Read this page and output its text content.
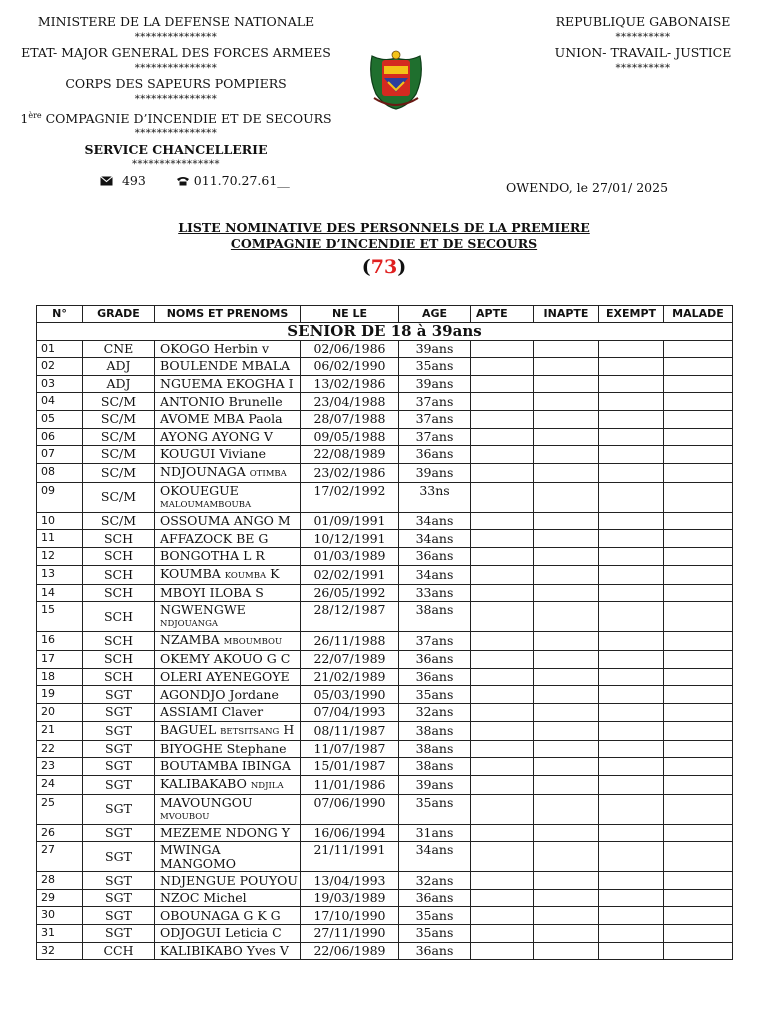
MINISTERE DE LA DEFENSE NATIONALE
***************
ETAT- MAJOR GENERAL DES FORCES ARMEES
***************
CORPS DES SAPEURS POMPIERS
***************
1ère COMPAGNIE D’INCENDIE ET DE SECOURS
***************
SERVICE CHANCELLERIE
****************
493	011.70.27.61__
REPUBLIQUE GABONAISE
**********
UNION- TRAVAIL- JUSTICE
**********
OWENDO, le 27/01/ 2025
LISTE NOMINATIVE DES PERSONNELS DE LA PREMIERE
COMPAGNIE D’INCENDIE ET DE SECOURS
(73)
N°	GRADE	NOMS ET PRENOMS	NE LE	AGE	APTE	INAPTE	EXEMPT	MALADE
SENIOR DE 18 à 39ans								
01	CNE	OKOGO Herbin v	02/06/1986	39ans				
02	ADJ	BOULENDE MBALA	06/02/1990	35ans				
03	ADJ	NGUEMA EKOGHA I	13/02/1986	39ans				
04	SC/M	ANTONIO Brunelle	23/04/1988	37ans				
05	SC/M	AVOME MBA Paola	28/07/1988	37ans				
06	SC/M	AYONG AYONG V	09/05/1988	37ans				
07	SC/M	KOUGUI Viviane	22/08/1989	36ans				
08	SC/M	NDJOUNAGA OTIMBA	23/02/1986	39ans				
09	SC/M	OKOUEGUE
MALOUMAMBOUBA	17/02/1992	33ns				
10	SC/M	OSSOUMA ANGO M	01/09/1991	34ans				
11	SCH	AFFAZOCK BE G	10/12/1991	34ans				
12	SCH	BONGOTHA L R	01/03/1989	36ans				
13	SCH	KOUMBA KOUMBA K	02/02/1991	34ans				
14	SCH	MBOYI ILOBA S	26/05/1992	33ans				
15	SCH	NGWENGWE
NDJOUANGA	28/12/1987	38ans				
16	SCH	NZAMBA MBOUMBOU	26/11/1988	37ans				
17	SCH	OKEMY AKOUO G C	22/07/1989	36ans				
18	SCH	OLERI AYENEGOYE	21/02/1989	36ans				
19	SGT	AGONDJO Jordane	05/03/1990	35ans				
20	SGT	ASSIAMI Claver	07/04/1993	32ans				
21	SGT	BAGUEL BETSITSANG H	08/11/1987	38ans				
22	SGT	BIYOGHE Stephane	11/07/1987	38ans				
23	SGT	BOUTAMBA IBINGA	15/01/1987	38ans				
24	SGT	KALIBAKABO NDJILA	11/01/1986	39ans				
25	SGT	MAVOUNGOU
MVOUBOU	07/06/1990	35ans				
26	SGT	MEZEME NDONG Y	16/06/1994	31ans				
27	SGT	MWINGA
MANGOMO	21/11/1991	34ans				
28	SGT	NDJENGUE POUYOU	13/04/1993	32ans				
29	SGT	NZOC Michel	19/03/1989	36ans				
30	SGT	OBOUNAGA G K G	17/10/1990	35ans				
31	SGT	ODJOGUI Leticia C	27/11/1990	35ans				
32	CCH	KALIBIKABO Yves V	22/06/1989	36ans				
